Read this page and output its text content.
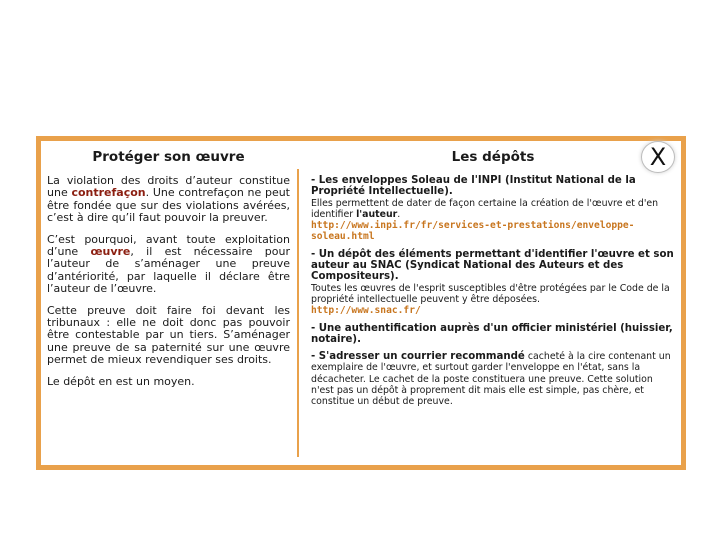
Protéger son œuvre

La violation des droits d’auteur constitue une contrefaçon. Une contrefaçon ne peut être fondée que sur des violations avérées, c’est à dire qu’il faut pouvoir la preuver.

C’est pourquoi, avant toute exploitation d’une œuvre, il est nécessaire pour l’auteur de s’aménager une preuve d’antériorité, par laquelle il déclare être l’auteur de l’œuvre.

Cette preuve doit faire foi devant les tribunaux : elle ne doit donc pas pouvoir être contestable par un tiers. S’aménager une preuve de sa paternité sur une œuvre permet de mieux revendiquer ses droits.

Le dépôt en est un moyen.

Les dépôts

- Les enveloppes Soleau de l'INPI (Institut National de la Propriété Intellectuelle).
Elles permettent de dater de façon certaine la création de l'œuvre et d'en identifier l'auteur.
http://www.inpi.fr/fr/services-et-prestations/enveloppe-soleau.html

- Un dépôt des éléments permettant d'identifier l'œuvre et son auteur au SNAC (Syndicat National des Auteurs et des Compositeurs).
Toutes les œuvres de l'esprit susceptibles d'être protégées par le Code de la propriété intellectuelle peuvent y être déposées.
http://www.snac.fr/

- Une authentification auprès d'un officier ministériel (huissier, notaire).

- S'adresser un courrier recommandé cacheté à la cire contenant un exemplaire de l'œuvre, et surtout garder l'enveloppe en l'état, sans la décacheter. Le cachet de la poste constituera une preuve. Cette solution n'est pas un dépôt à proprement dit mais elle est simple, pas chère, et constitue un début de preuve.

X
